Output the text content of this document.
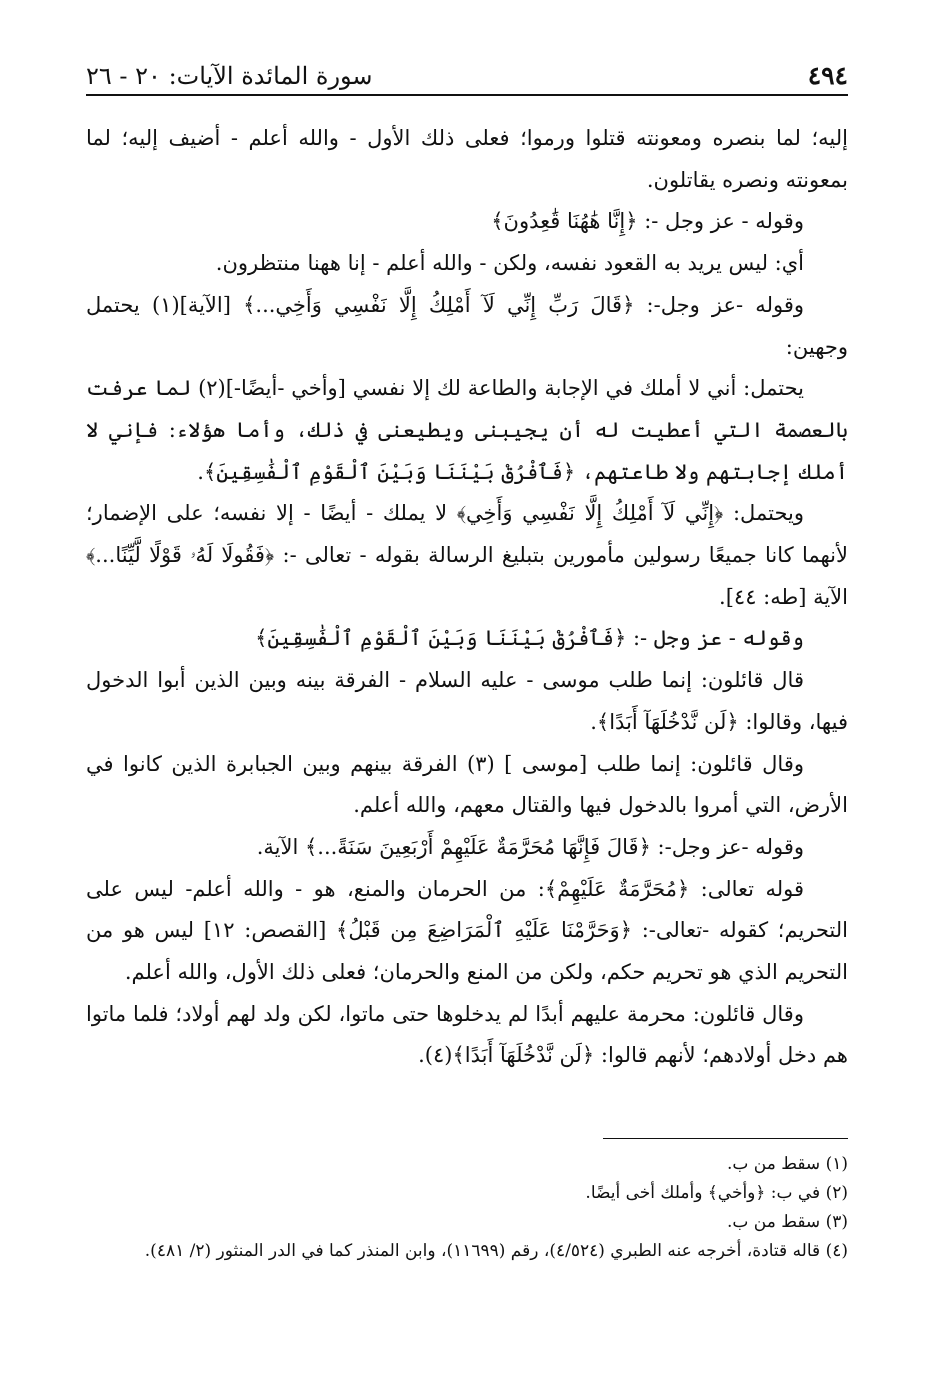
٤٩٤
سورة المائدة الآيات: ٢٠ - ٢٦

إليه؛ لما بنصره ومعونته قتلوا ورموا؛ فعلى ذلك الأول - والله أعلم - أضيف إليه؛ لما بمعونته ونصره يقاتلون.

وقوله - عز وجل -: ﴿إِنَّا هَٰهُنَا قَٰعِدُونَ﴾

أي: ليس يريد به القعود نفسه، ولكن - والله أعلم - إنا ههنا منتظرون.

وقوله -عز وجل-: ﴿قَالَ رَبِّ إِنِّي لَآ أَمْلِكُ إِلَّا نَفْسِي وَأَخِي...﴾ [الآية](١) يحتمل وجهين:

يحتمل: أني لا أملك في الإجابة والطاعة لك إلا نفسي [وأخي -أيضًا-](٢) لما عرفت بالعصمة التي أعطيت له أن يجيبنى ويطيعنى في ذلك، وأما هؤلاء: فإني لا أملك إجابتهم ولا طاعتهم، ﴿فَٱفْرُقْ بَيْنَنَا وَبَيْنَ ٱلْقَوْمِ ٱلْفَٰسِقِينَ﴾.

ويحتمل: ﴿إِنِّي لَآ أَمْلِكُ إِلَّا نَفْسِي وَأَخِي﴾ لا يملك - أيضًا - إلا نفسه؛ على الإضمار؛ لأنهما كانا جميعًا رسولين مأمورين بتبليغ الرسالة بقوله - تعالى -: ﴿فَقُولَا لَهُۥ قَوْلًا لَّيِّنًا...﴾ الآية [طه: ٤٤].

وقوله - عز وجل -: ﴿فَٱفْرُقْ بَيْنَنَا وَبَيْنَ ٱلْقَوْمِ ٱلْفَٰسِقِينَ﴾

قال قائلون: إنما طلب موسى - عليه السلام - الفرقة بينه وبين الذين أبوا الدخول فيها، وقالوا: ﴿لَن نَّدْخُلَهَآ أَبَدًا﴾.

وقال قائلون: إنما طلب [موسى ] (٣) الفرقة بينهم وبين الجبابرة الذين كانوا في الأرض، التي أمروا بالدخول فيها والقتال معهم، والله أعلم.

وقوله -عز وجل-: ﴿قَالَ فَإِنَّهَا مُحَرَّمَةٌ عَلَيْهِمْ أَرْبَعِينَ سَنَةً...﴾ الآية.

قوله تعالى: ﴿مُحَرَّمَةٌ عَلَيْهِمْ﴾: من الحرمان والمنع، هو - والله أعلم- ليس على التحريم؛ كقوله -تعالى-: ﴿وَحَرَّمْنَا عَلَيْهِ ٱلْمَرَاضِعَ مِن قَبْلُ﴾ [القصص: ١٢] ليس هو من التحريم الذي هو تحريم حكم، ولكن من المنع والحرمان؛ فعلى ذلك الأول، والله أعلم.

وقال قائلون: محرمة عليهم أبدًا لم يدخلوها حتى ماتوا، لكن ولد لهم أولاد؛ فلما ماتوا هم دخل أولادهم؛ لأنهم قالوا: ﴿لَن نَّدْخُلَهَآ أَبَدًا﴾(٤).

(١) سقط من ب.

(٢) في ب: ﴿وأخي﴾ وأملك أخى أيضًا.

(٣) سقط من ب.

(٤) قاله قتادة، أخرجه عنه الطبري (٤/٥٢٤)، رقم (١١٦٩٩)، وابن المنذر كما في الدر المنثور (٢/ ٤٨١).
